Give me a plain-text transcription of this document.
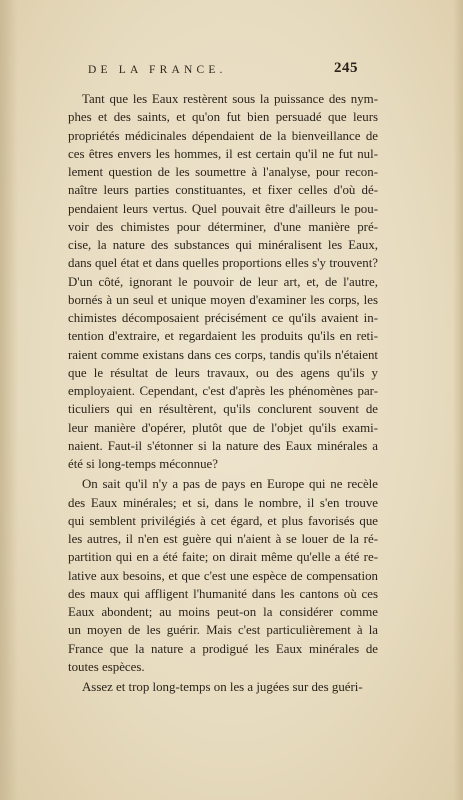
DE LA FRANCE.	245
Tant que les Eaux restèrent sous la puissance des nym-
phes et des saints, et qu'on fut bien persuadé que leurs
propriétés médicinales dépendaient de la bienveillance de
ces êtres envers les hommes, il est certain qu'il ne fut nul-
lement question de les soumettre à l'analyse, pour recon-
naître leurs parties constituantes, et fixer celles d'où dé-
pendaient leurs vertus. Quel pouvait être d'ailleurs le pou-
voir des chimistes pour déterminer, d'une manière pré-
cise, la nature des substances qui minéralisent les Eaux,
dans quel état et dans quelles proportions elles s'y trouvent?
D'un côté, ignorant le pouvoir de leur art, et, de l'autre,
bornés à un seul et unique moyen d'examiner les corps, les
chimistes décomposaient précisément ce qu'ils avaient in-
tention d'extraire, et regardaient les produits qu'ils en reti-
raient comme existans dans ces corps, tandis qu'ils n'étaient
que le résultat de leurs travaux, ou des agens qu'ils y
employaient. Cependant, c'est d'après les phénomènes par-
ticuliers qui en résultèrent, qu'ils conclurent souvent de
leur manière d'opérer, plutôt que de l'objet qu'ils exami-
naient. Faut-il s'étonner si la nature des Eaux minérales a
été si long-temps méconnue?
On sait qu'il n'y a pas de pays en Europe qui ne recèle
des Eaux minérales; et si, dans le nombre, il s'en trouve
qui semblent privilégiés à cet égard, et plus favorisés que
les autres, il n'en est guère qui n'aient à se louer de la ré-
partition qui en a été faite; on dirait même qu'elle a été re-
lative aux besoins, et que c'est une espèce de compensation
des maux qui affligent l'humanité dans les cantons où ces
Eaux abondent; au moins peut-on la considérer comme
un moyen de les guérir. Mais c'est particulièrement à la
France que la nature a prodigué les Eaux minérales de
toutes espèces.
Assez et trop long-temps on les a jugées sur des guéri-
